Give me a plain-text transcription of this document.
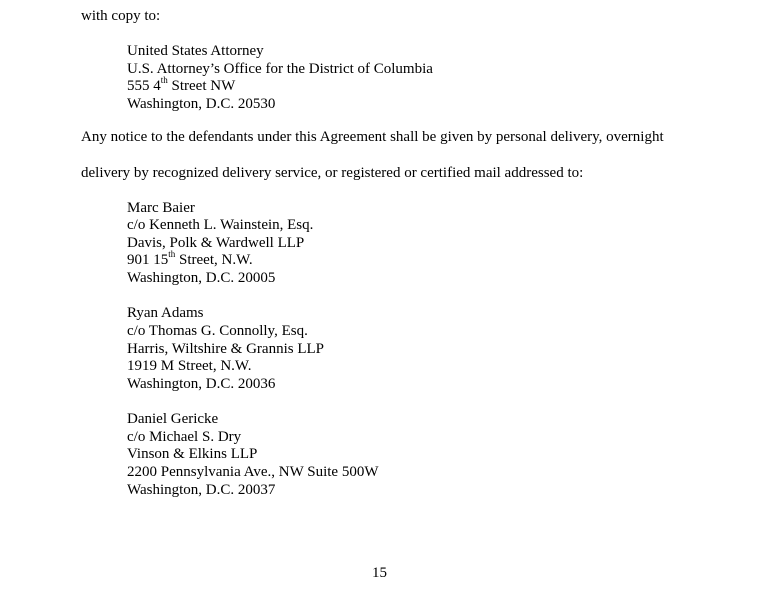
with copy to:
United States Attorney
U.S. Attorney’s Office for the District of Columbia
555 4th Street NW
Washington, D.C. 20530
Any notice to the defendants under this Agreement shall be given by personal delivery, overnight
delivery by recognized delivery service, or registered or certified mail addressed to:
Marc Baier
c/o Kenneth L. Wainstein, Esq.
Davis, Polk & Wardwell LLP
901 15th Street, N.W.
Washington, D.C. 20005
Ryan Adams
c/o Thomas G. Connolly, Esq.
Harris, Wiltshire & Grannis LLP
1919 M Street, N.W.
Washington, D.C. 20036
Daniel Gericke
c/o Michael S. Dry
Vinson & Elkins LLP
2200 Pennsylvania Ave., NW Suite 500W
Washington, D.C. 20037
15
